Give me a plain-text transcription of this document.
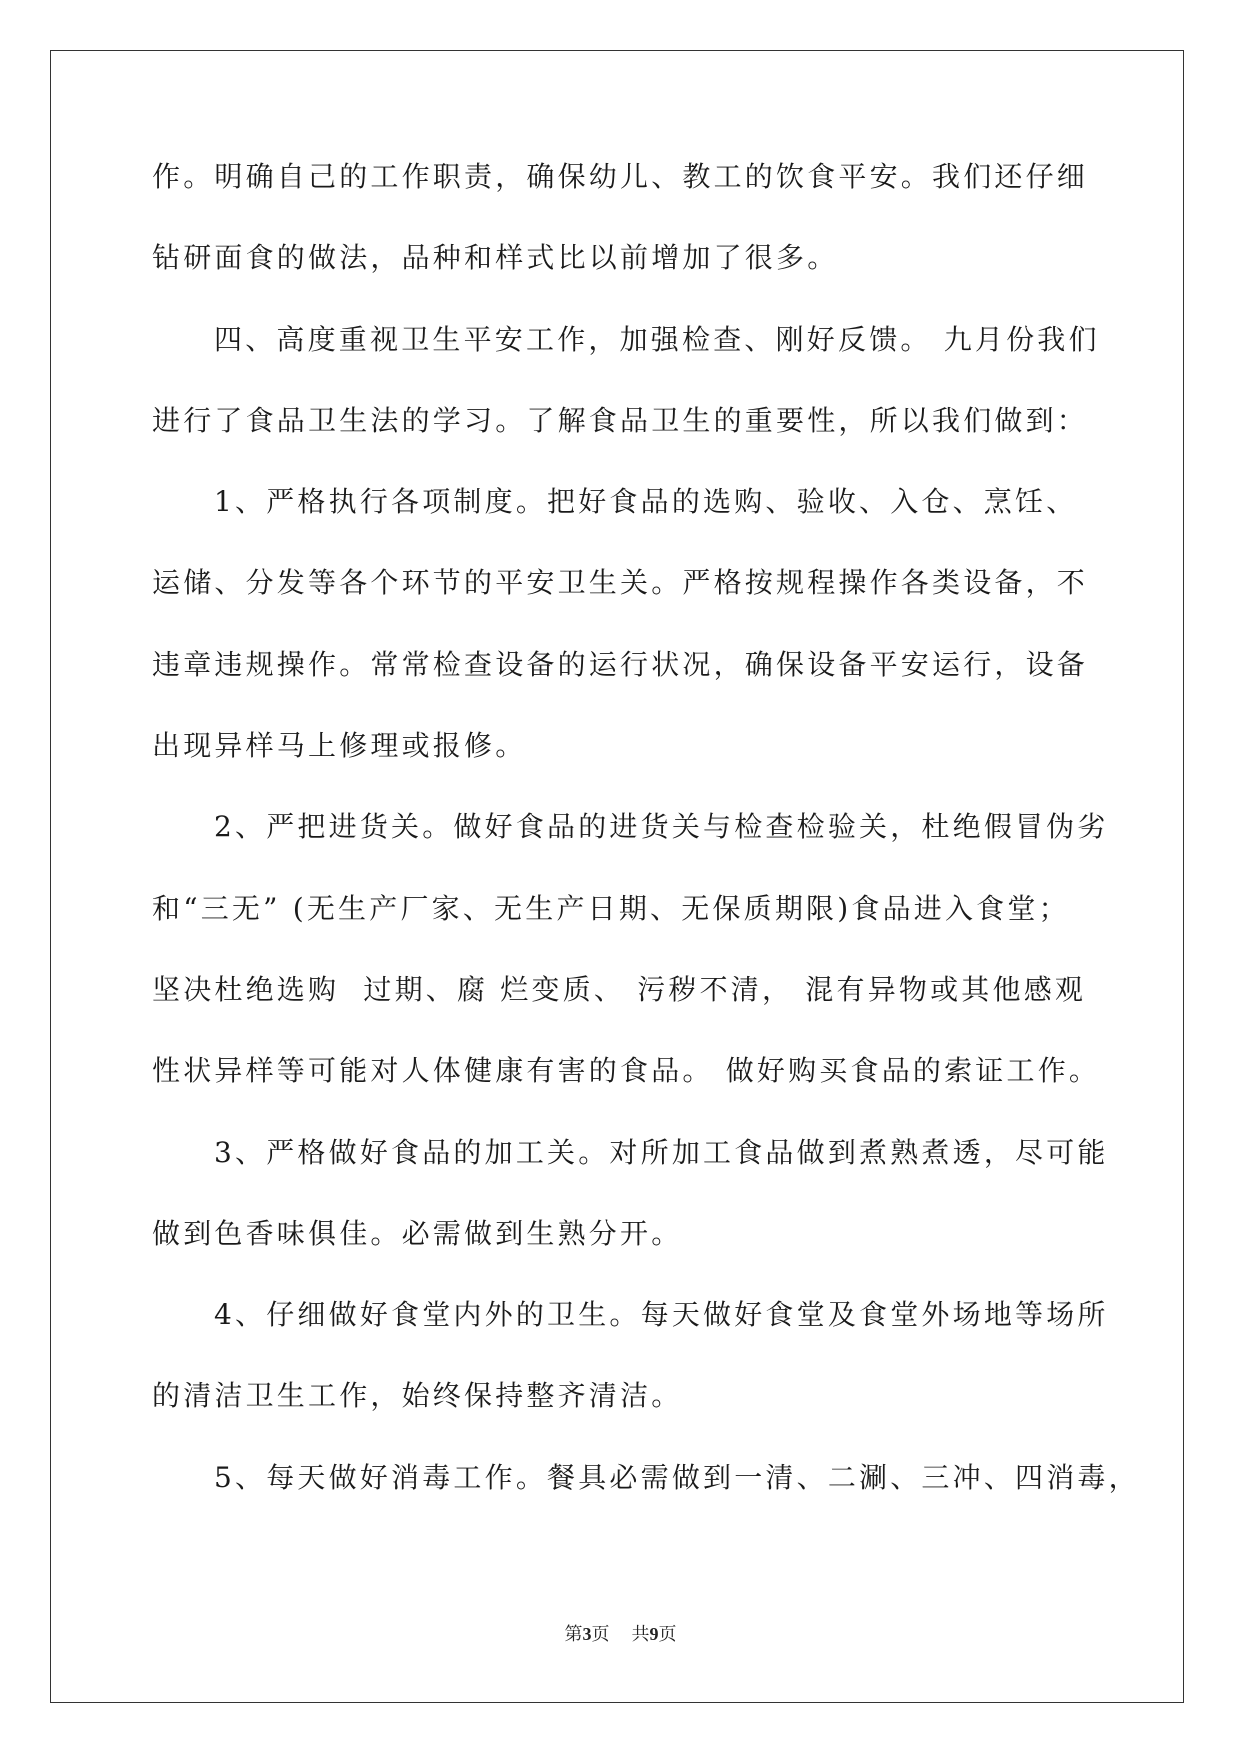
作。明确自己的工作职责，确保幼儿、教工的饮食平安。我们还仔细
钻研面食的做法，品种和样式比以前增加了很多。
四、高度重视卫生平安工作，加强检查、刚好反馈。 九月份我们
进行了食品卫生法的学习。了解食品卫生的重要性，所以我们做到：
1、严格执行各项制度。把好食品的选购、验收、入仓、烹饪、
运储、分发等各个环节的平安卫生关。严格按规程操作各类设备，不
违章违规操作。常常检查设备的运行状况，确保设备平安运行，设备
出现异样马上修理或报修。
2、严把进货关。做好食品的进货关与检查检验关，杜绝假冒伪劣
和“三无” (无生产厂家、无生产日期、无保质期限)食品进入食堂；
坚决杜绝选购  过期、腐 烂变质、 污秽不清， 混有异物或其他感观
性状异样等可能对人体健康有害的食品。 做好购买食品的索证工作。
3、严格做好食品的加工关。对所加工食品做到煮熟煮透，尽可能
做到色香味俱佳。必需做到生熟分开。
4、仔细做好食堂内外的卫生。每天做好食堂及食堂外场地等场所
的清洁卫生工作，始终保持整齐清洁。
5、每天做好消毒工作。餐具必需做到一清、二涮、三冲、四消毒，
第3页 共9页
